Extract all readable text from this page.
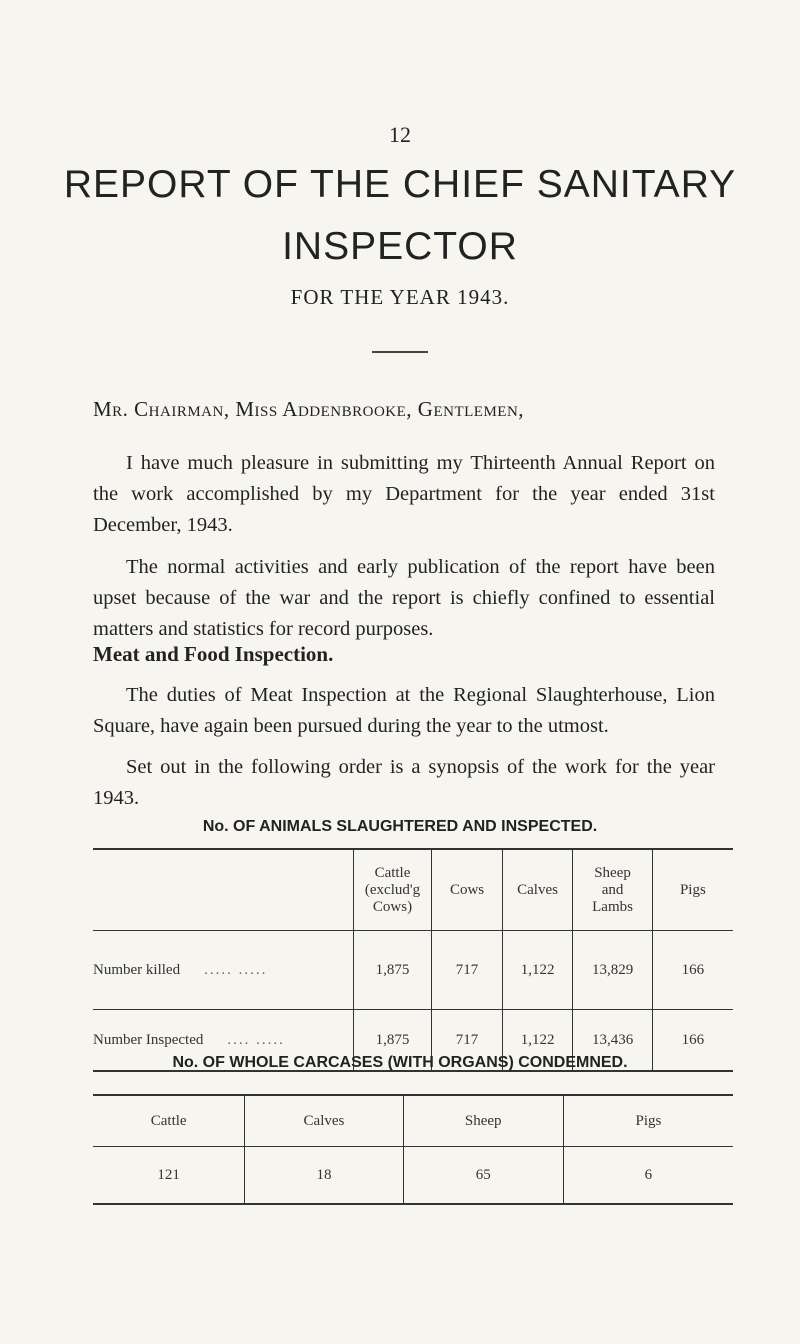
12
REPORT OF THE CHIEF SANITARY
INSPECTOR
FOR THE YEAR 1943.
Mr. Chairman, Miss Addenbrooke, Gentlemen,

I have much pleasure in submitting my Thirteenth Annual Report on the work accomplished by my Department for the year ended 31st December, 1943.

The normal activities and early publication of the report have been upset because of the war and the report is chiefly confined to essential matters and statistics for record purposes.

Meat and Food Inspection.

The duties of Meat Inspection at the Regional Slaughterhouse, Lion Square, have again been pursued during the year to the utmost.

Set out in the following order is a synopsis of the work for the year 1943.

No. OF ANIMALS SLAUGHTERED AND INSPECTED.
	Cattle
(exclud'g
Cows)	Cows	Calves	Sheep
and
Lambs	Pigs
Number killed ..... .....	1,875	717	1,122	13,829	166
Number Inspected .... .....	1,875	717	1,122	13,436	166
No. OF WHOLE CARCASES (WITH ORGANS) CONDEMNED.
Cattle	Calves	Sheep	Pigs
121	18	65	6
